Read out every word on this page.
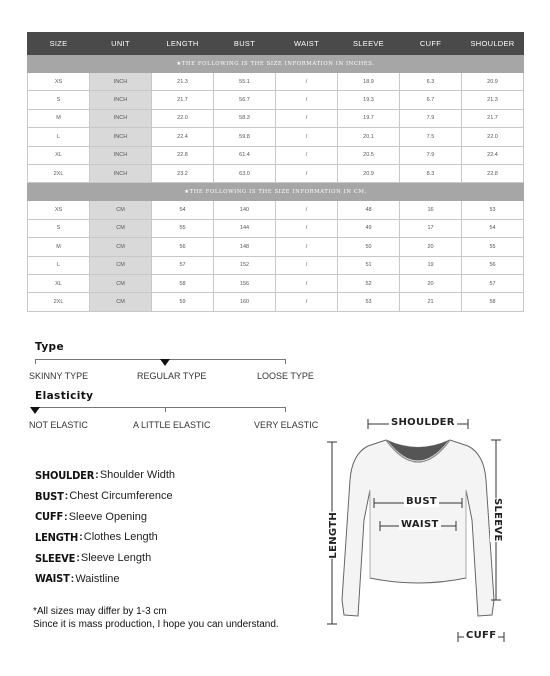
SIZE	UNIT	LENGTH	BUST	WAIST	SLEEVE	CUFF	SHOULDER
★THE FOLLOWING IS THE SIZE INFORMATION IN INCHES.							
XS	INCH	21.3	55.1	/	18.9	6.3	20.9
S	INCH	21.7	56.7	/	19.3	6.7	21.3
M	INCH	22.0	58.3	/	19.7	7.9	21.7
L	INCH	22.4	59.8	/	20.1	7.5	22.0
XL	INCH	22.8	61.4	/	20.5	7.9	22.4
2XL	INCH	23.2	63.0	/	20.9	8.3	22.8
★THE FOLLOWING IS THE SIZE INFORMATION IN CM.							
XS	CM	54	140	/	48	16	53
S	CM	55	144	/	49	17	54
M	CM	56	148	/	50	20	55
L	CM	57	152	/	51	19	56
XL	CM	58	156	/	52	20	57
2XL	CM	59	160	/	53	21	58
Type
SKINNY TYPE	REGULAR TYPE	LOOSE TYPE
Elasticity
NOT ELASTIC	A LITTLE ELASTIC	VERY ELASTIC
SHOULDER : Shoulder Width
BUST : Chest Circumference
CUFF : Sleeve Opening
LENGTH : Clothes Length
SLEEVE : Sleeve Length
WAIST : Waistline
*All sizes may differ by 1-3 cm
Since it is mass production, I hope you can understand.
SHOULDER
BUST
WAIST
LENGTH	SLEEVE
CUFF
